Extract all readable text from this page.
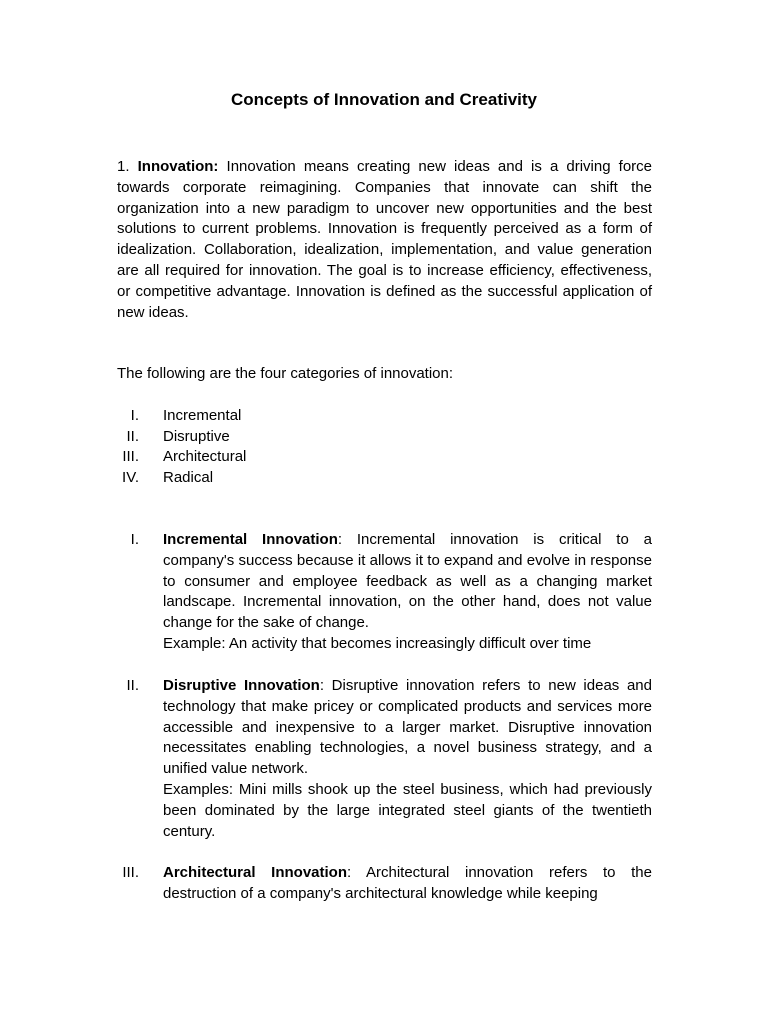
Concepts of Innovation and Creativity
1. Innovation: Innovation means creating new ideas and is a driving force towards corporate reimagining. Companies that innovate can shift the organization into a new paradigm to uncover new opportunities and the best solutions to current problems. Innovation is frequently perceived as a form of idealization. Collaboration, idealization, implementation, and value generation are all required for innovation. The goal is to increase efficiency, effectiveness, or competitive advantage. Innovation is defined as the successful application of new ideas.
The following are the four categories of innovation:
I. Incremental
II. Disruptive
III. Architectural
IV. Radical
I. Incremental Innovation: Incremental innovation is critical to a company's success because it allows it to expand and evolve in response to consumer and employee feedback as well as a changing market landscape. Incremental innovation, on the other hand, does not value change for the sake of change.

Example: An activity that becomes increasingly difficult over time

II. Disruptive Innovation: Disruptive innovation refers to new ideas and technology that make pricey or complicated products and services more accessible and inexpensive to a larger market. Disruptive innovation necessitates enabling technologies, a novel business strategy, and a unified value network.

Examples: Mini mills shook up the steel business, which had previously been dominated by the large integrated steel giants of the twentieth century.

III. Architectural Innovation: Architectural innovation refers to the destruction of a company's architectural knowledge while keeping
